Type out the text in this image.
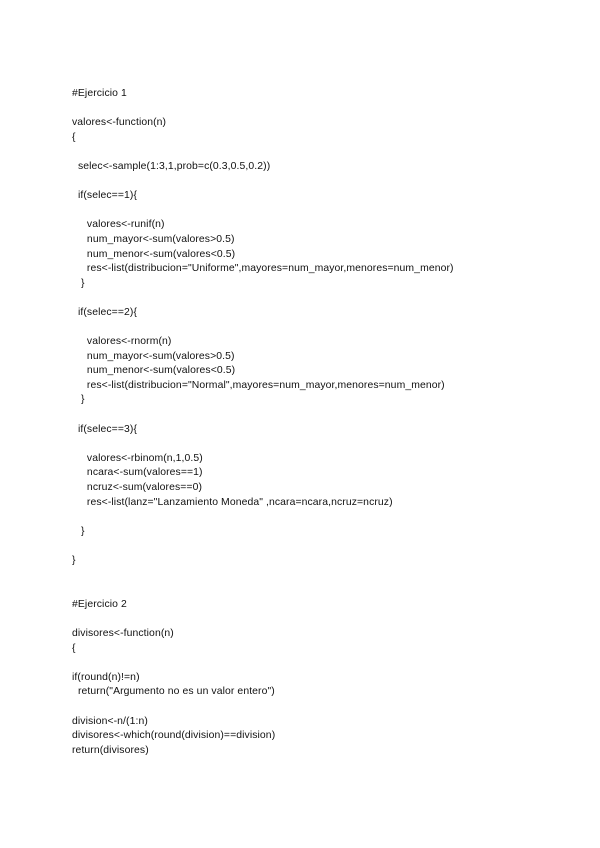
#Ejercicio 1
valores<-function(n)
{
selec<-sample(1:3,1,prob=c(0.3,0.5,0.2))
if(selec==1){
valores<-runif(n)
num_mayor<-sum(valores>0.5)
num_menor<-sum(valores<0.5)
res<-list(distribucion="Uniforme",mayores=num_mayor,menores=num_menor)
}
if(selec==2){
valores<-rnorm(n)
num_mayor<-sum(valores>0.5)
num_menor<-sum(valores<0.5)
res<-list(distribucion="Normal",mayores=num_mayor,menores=num_menor)
}
if(selec==3){
valores<-rbinom(n,1,0.5)
ncara<-sum(valores==1)
ncruz<-sum(valores==0)
res<-list(lanz="Lanzamiento Moneda" ,ncara=ncara,ncruz=ncruz)
}
}
#Ejercicio 2
divisores<-function(n)
{
if(round(n)!=n)
return("Argumento no es un valor entero")
division<-n/(1:n)
divisores<-which(round(division)==division)
return(divisores)
